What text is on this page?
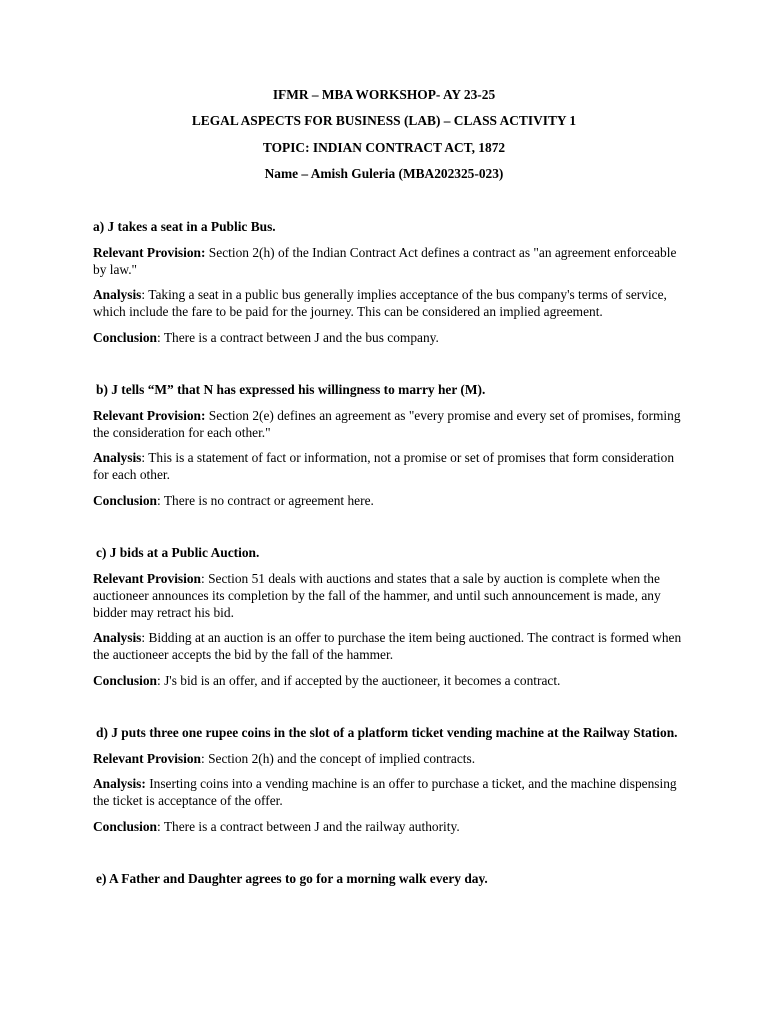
IFMR – MBA WORKSHOP- AY 23-25
LEGAL ASPECTS FOR BUSINESS (LAB) – CLASS ACTIVITY 1
TOPIC: INDIAN CONTRACT ACT, 1872
Name – Amish Guleria (MBA202325-023)

a) J takes a seat in a Public Bus.

Relevant Provision: Section 2(h) of the Indian Contract Act defines a contract as "an agreement enforceable by law."

Analysis: Taking a seat in a public bus generally implies acceptance of the bus company's terms of service, which include the fare to be paid for the journey. This can be considered an implied agreement.

Conclusion: There is a contract between J and the bus company.

b) J tells “M” that N has expressed his willingness to marry her (M).

Relevant Provision: Section 2(e) defines an agreement as "every promise and every set of promises, forming the consideration for each other."

Analysis: This is a statement of fact or information, not a promise or set of promises that form consideration for each other.

Conclusion: There is no contract or agreement here.

c) J bids at a Public Auction.

Relevant Provision: Section 51 deals with auctions and states that a sale by auction is complete when the auctioneer announces its completion by the fall of the hammer, and until such announcement is made, any bidder may retract his bid.

Analysis: Bidding at an auction is an offer to purchase the item being auctioned. The contract is formed when the auctioneer accepts the bid by the fall of the hammer.

Conclusion: J's bid is an offer, and if accepted by the auctioneer, it becomes a contract.

d) J puts three one rupee coins in the slot of a platform ticket vending machine at the Railway Station.

Relevant Provision: Section 2(h) and the concept of implied contracts.

Analysis: Inserting coins into a vending machine is an offer to purchase a ticket, and the machine dispensing the ticket is acceptance of the offer.

Conclusion: There is a contract between J and the railway authority.

e) A Father and Daughter agrees to go for a morning walk every day.
